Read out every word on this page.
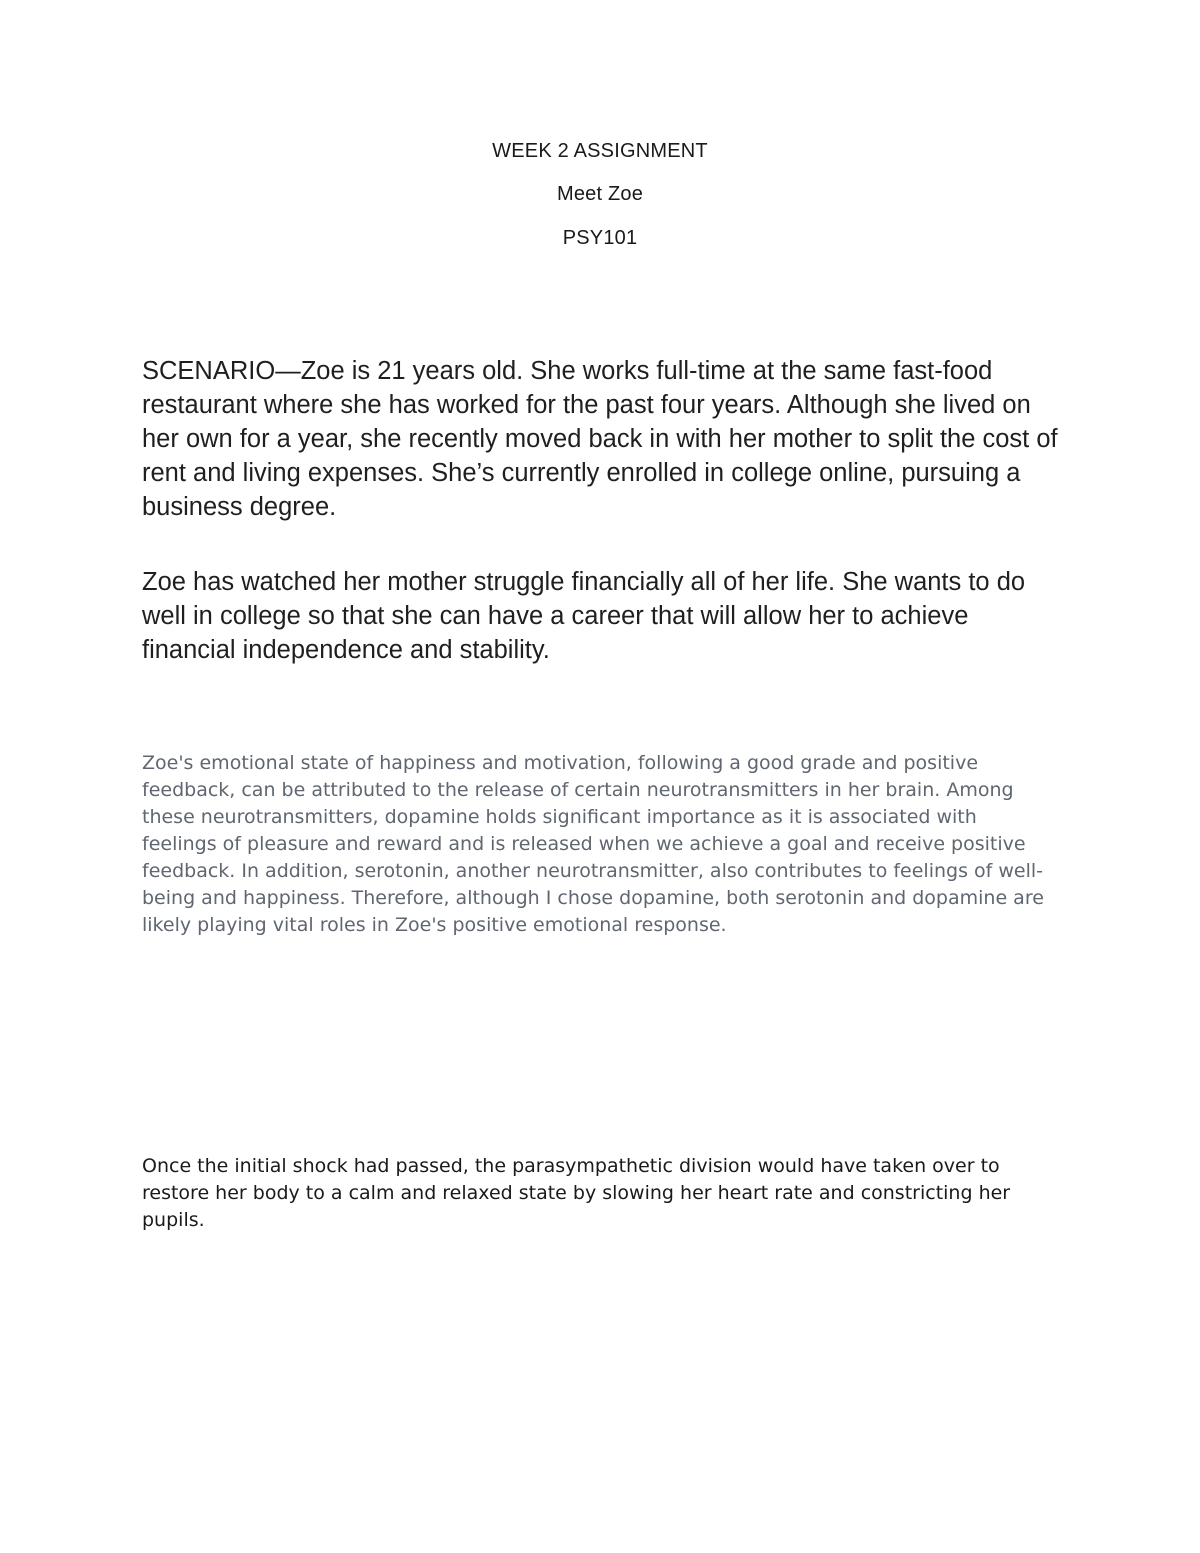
WEEK 2 ASSIGNMENT

Meet Zoe

PSY101

SCENARIO—Zoe is 21 years old. She works full-time at the same fast-food restaurant where she has worked for the past four years. Although she lived on her own for a year, she recently moved back in with her mother to split the cost of rent and living expenses. She’s currently enrolled in college online, pursuing a business degree.

Zoe has watched her mother struggle financially all of her life. She wants to do well in college so that she can have a career that will allow her to achieve financial independence and stability.

Zoe's emotional state of happiness and motivation, following a good grade and positive feedback, can be attributed to the release of certain neurotransmitters in her brain. Among these neurotransmitters, dopamine holds significant importance as it is associated with feelings of pleasure and reward and is released when we achieve a goal and receive positive feedback. In addition, serotonin, another neurotransmitter, also contributes to feelings of well-being and happiness. Therefore, although I chose dopamine, both serotonin and dopamine are likely playing vital roles in Zoe's positive emotional response.

Once the initial shock had passed, the parasympathetic division would have taken over to restore her body to a calm and relaxed state by slowing her heart rate and constricting her pupils.
